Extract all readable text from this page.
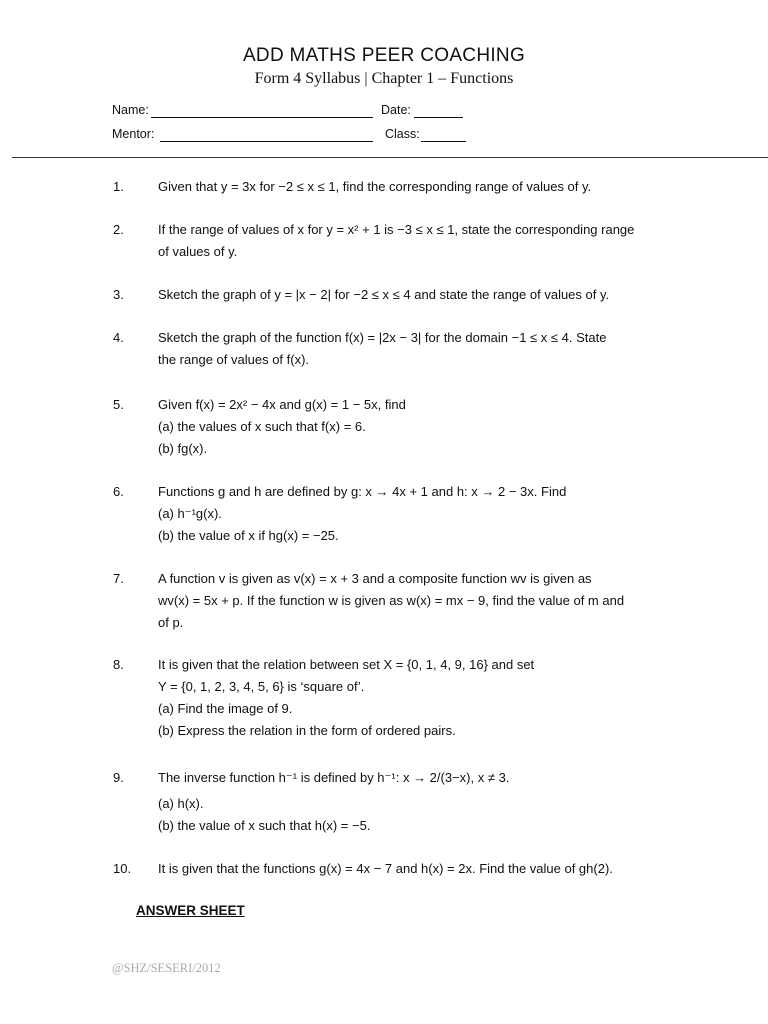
ADD MATHS PEER COACHING
Form 4 Syllabus | Chapter 1 – Functions
Name:	Date:
Mentor:	Class:
1.	Given that y = 3x for −2 ≤ x ≤ 1, find the corresponding range of values of y.
2.	If the range of values of x for y = x² + 1 is −3 ≤ x ≤ 1, state the corresponding range
of values of y.
3.	Sketch the graph of y = |x − 2| for −2 ≤ x ≤ 4 and state the range of values of y.
4.	Sketch the graph of the function f(x) = |2x − 3| for the domain −1 ≤ x ≤ 4. State
the range of values of f(x).
5.	Given f(x) = 2x² − 4x and g(x) = 1 − 5x, find
(a) the values of x such that f(x) = 6.
(b) fg(x).
6.	Functions g and h are defined by g: x → 4x + 1 and h: x → 2 − 3x. Find
(a) h⁻¹g(x).
(b) the value of x if hg(x) = −25.
7.	A function v is given as v(x) = x + 3 and a composite function wv is given as
wv(x) = 5x + p. If the function w is given as w(x) = mx − 9, find the value of m and
of p.
8.	It is given that the relation between set X = {0, 1, 4, 9, 16} and set
Y = {0, 1, 2, 3, 4, 5, 6} is ‘square of’.
(a) Find the image of 9.
(b) Express the relation in the form of ordered pairs.
9.	The inverse function h⁻¹ is defined by h⁻¹: x → 2/(3−x), x ≠ 3.
(a) h(x).
(b) the value of x such that h(x) = −5.
10. It is given that the functions g(x) = 4x − 7 and h(x) = 2x. Find the value of gh(2).
ANSWER SHEET
@SHZ/SESERI/2012
